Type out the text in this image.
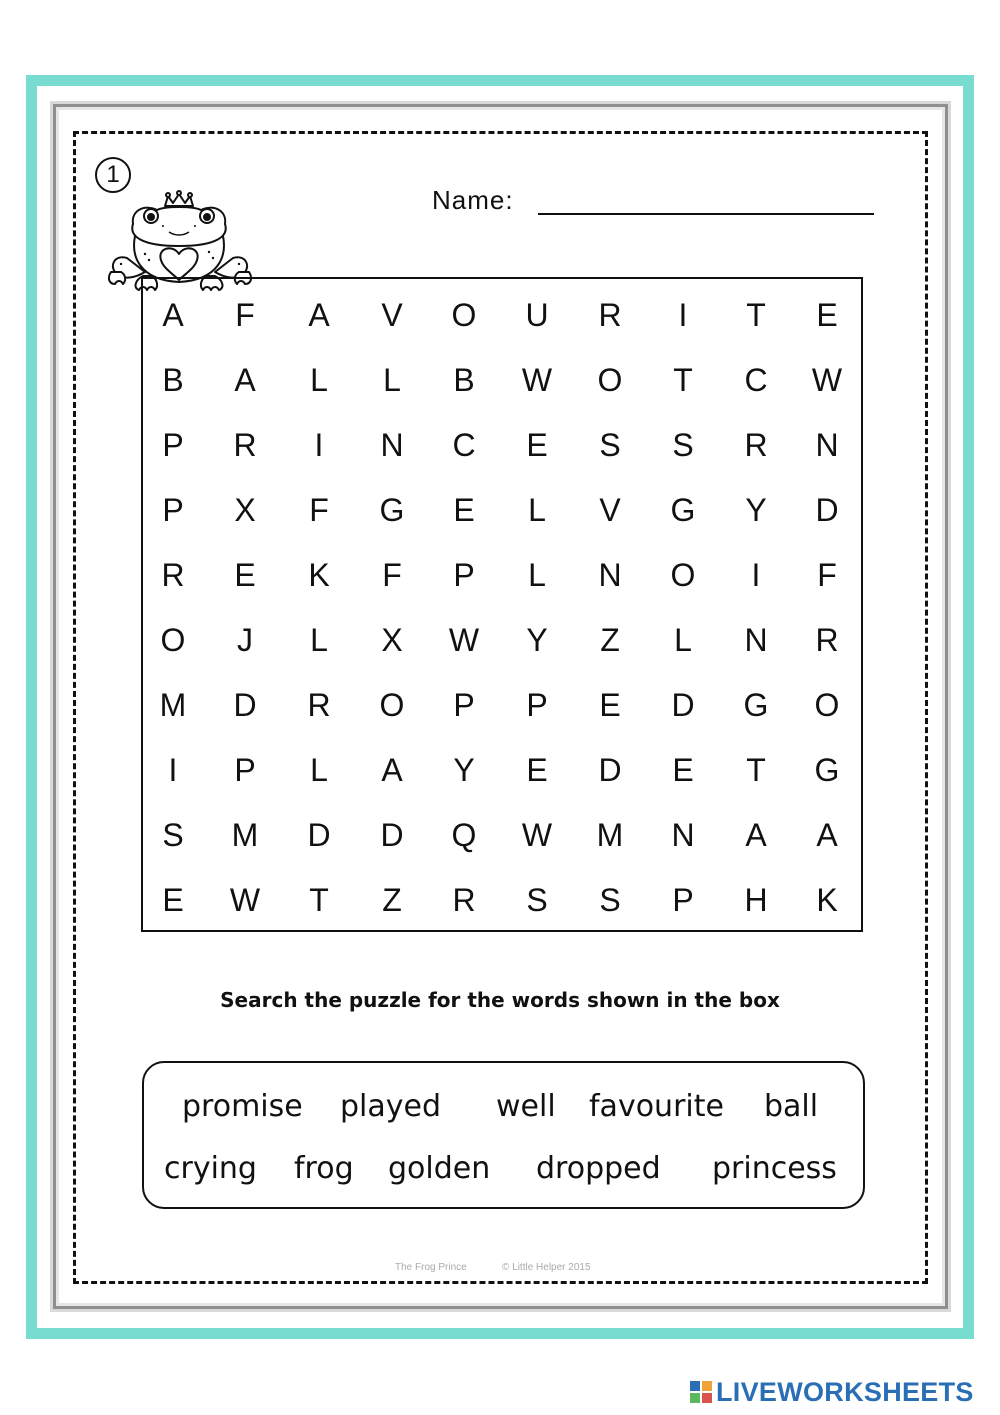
1
Name:
A	F	A	V	O	U	R	I	T	E
B	A	L	L	B	W	O	T	C	W
P	R	I	N	C	E	S	S	R	N
P	X	F	G	E	L	V	G	Y	D
R	E	K	F	P	L	N	O	I	F
O	J	L	X	W	Y	Z	L	N	R
M	D	R	O	P	P	E	D	G	O
I	P	L	A	Y	E	D	E	T	G
S	M	D	D	Q	W	M	N	A	A
E	W	T	Z	R	S	S	P	H	K
Search the puzzle for the words shown in the box
promise played well favourite ball
crying frog golden dropped princess
The Frog Prince	© Little Helper 2015
LIVEWORKSHEETS
